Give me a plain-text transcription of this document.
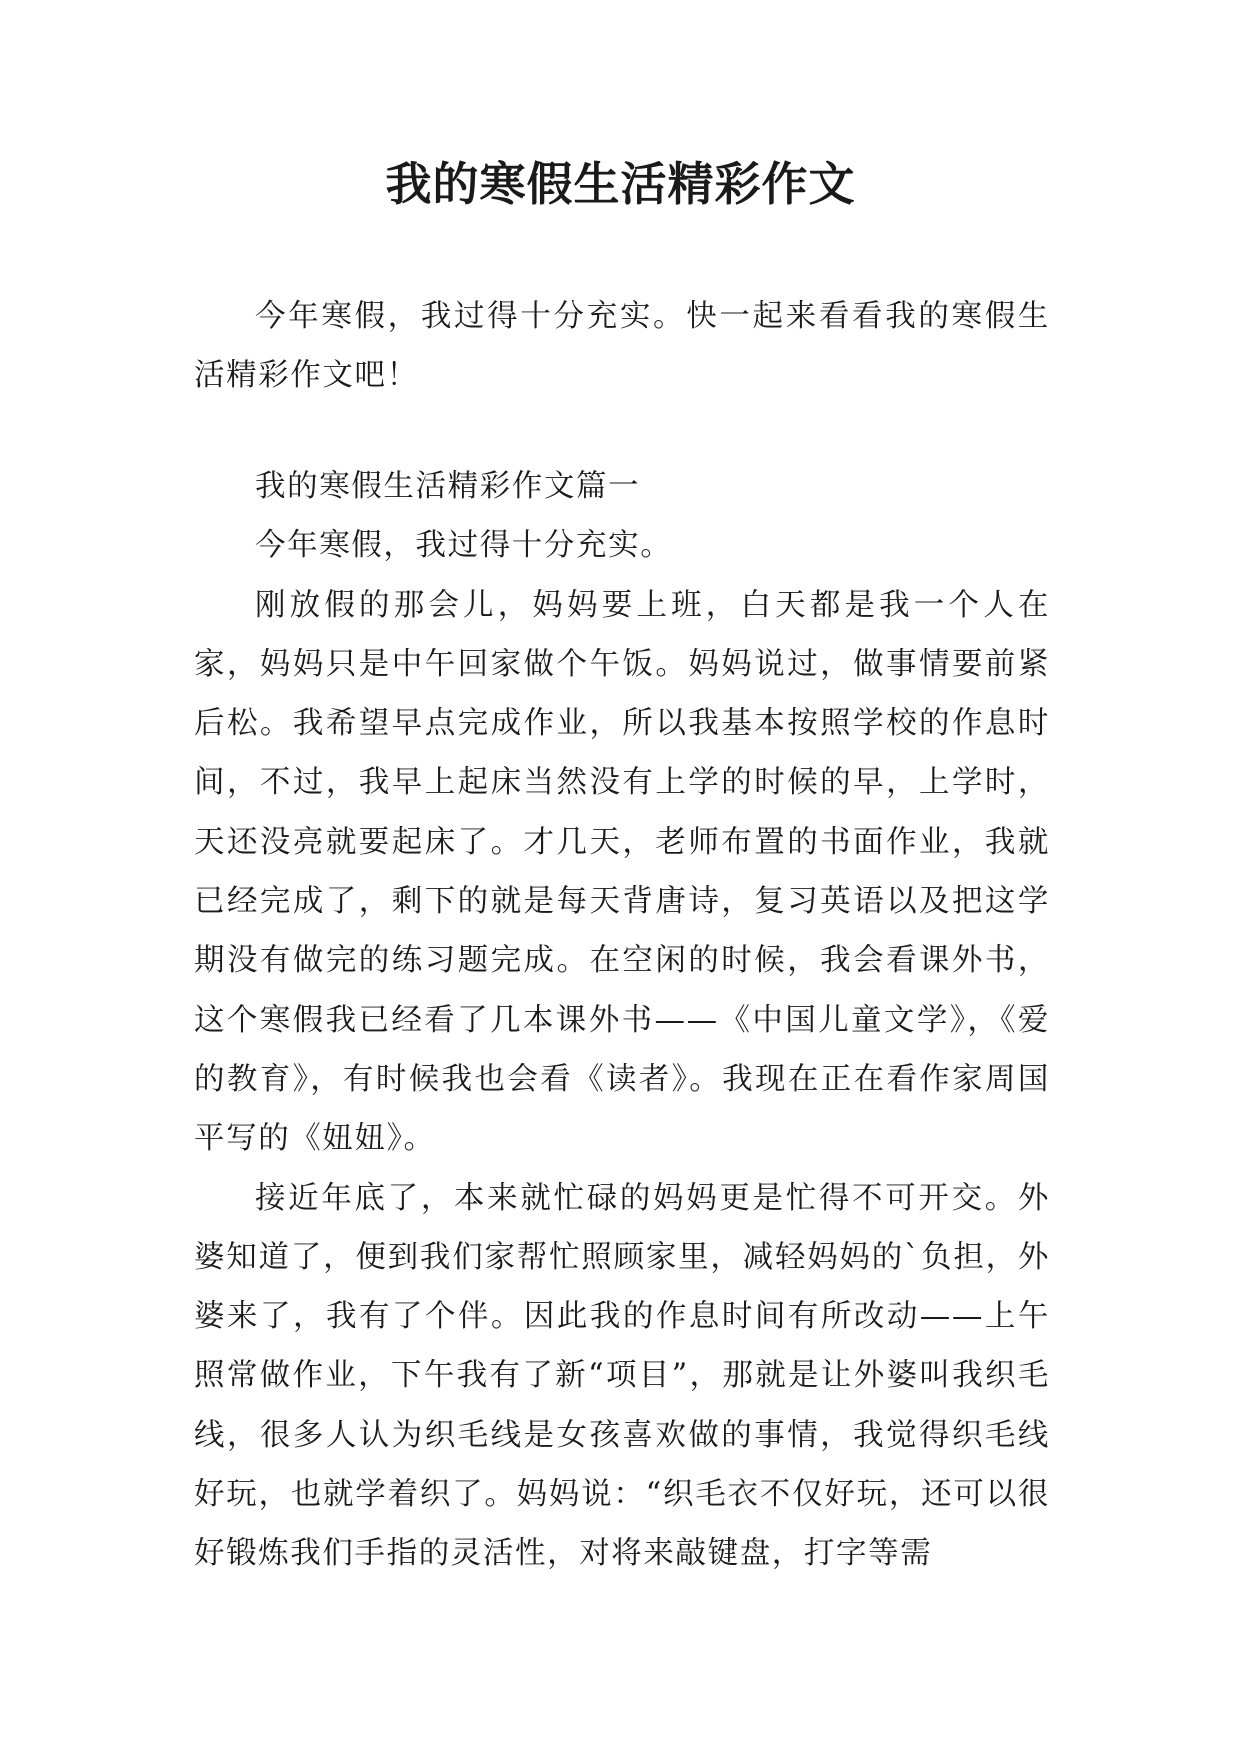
我的寒假生活精彩作文

今年寒假，我过得十分充实。快一起来看看我的寒假生活精彩作文吧！

我的寒假生活精彩作文篇一

今年寒假，我过得十分充实。

刚放假的那会儿，妈妈要上班，白天都是我一个人在家，妈妈只是中午回家做个午饭。妈妈说过，做事情要前紧后松。我希望早点完成作业，所以我基本按照学校的作息时间，不过，我早上起床当然没有上学的时候的早，上学时，天还没亮就要起床了。才几天，老师布置的书面作业，我就已经完成了，剩下的就是每天背唐诗，复习英语以及把这学期没有做完的练习题完成。在空闲的时候，我会看课外书，这个寒假我已经看了几本课外书——《中国儿童文学》，《爱的教育》，有时候我也会看《读者》。我现在正在看作家周国平写的《妞妞》。

接近年底了，本来就忙碌的妈妈更是忙得不可开交。外婆知道了，便到我们家帮忙照顾家里，减轻妈妈的`负担，外婆来了，我有了个伴。因此我的作息时间有所改动——上午照常做作业，下午我有了新“项目”，那就是让外婆叫我织毛线，很多人认为织毛线是女孩喜欢做的事情，我觉得织毛线好玩，也就学着织了。妈妈说：“织毛衣不仅好玩，还可以很好锻炼我们手指的灵活性，对将来敲键盘，打字等需
